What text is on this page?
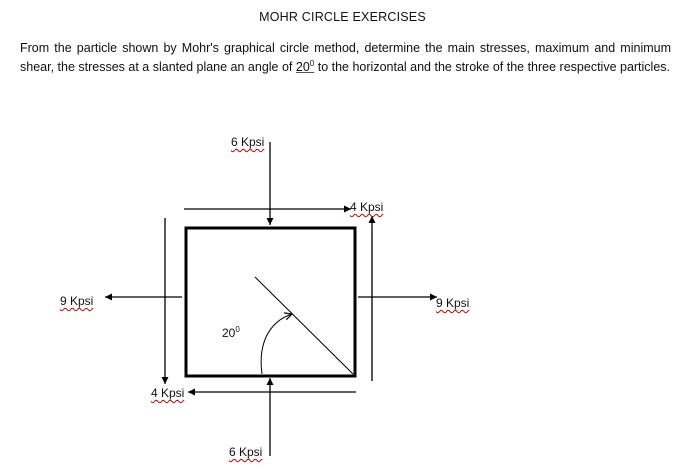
MOHR CIRCLE EXERCISES
From the particle shown by Mohr's graphical circle method, determine the main stresses, maximum and minimum shear, the stresses at a slanted plane an angle of $20^0$ to the horizontal and the stroke of the three respective particles.
6 Kpsi
6 Kpsi
9 Kpsi	9 Kpsi
4 Kpsi
4 Kpsi
$20^0$
